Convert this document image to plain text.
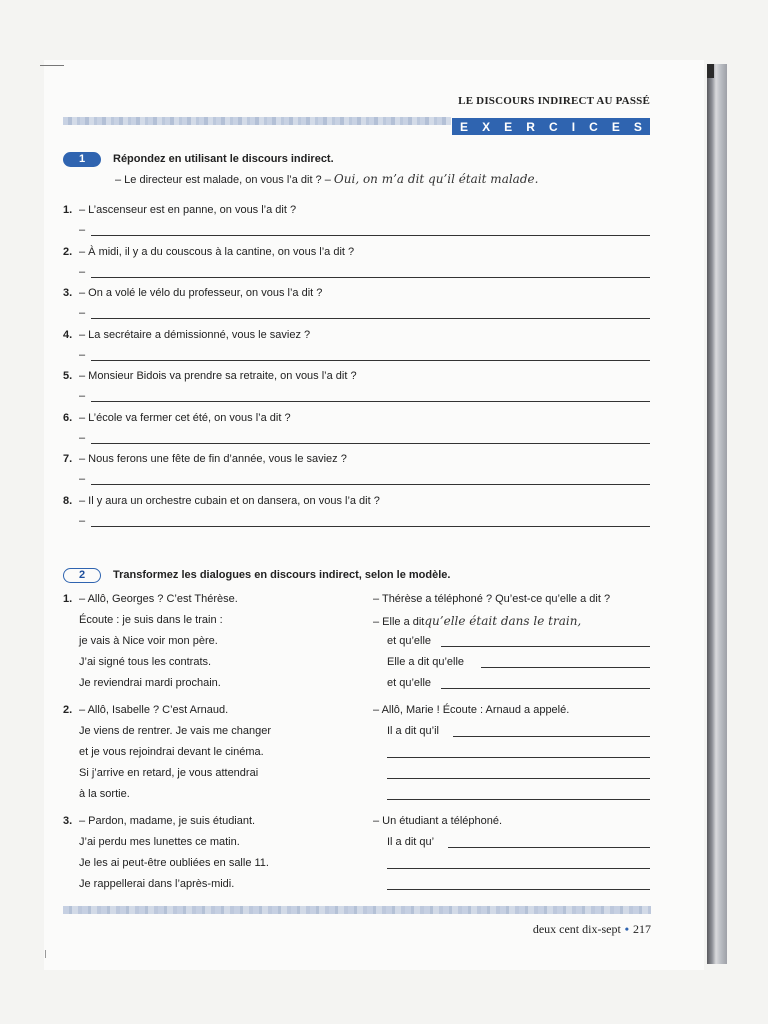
LE DISCOURS INDIRECT AU PASSÉ
E X E R C I C E S
1	Répondez en utilisant le discours indirect.
– Le directeur est malade, on vous l’a dit ? – Oui, on m’a dit qu’il était malade.
1. – L’ascenseur est en panne, on vous l’a dit ?
–
2. – À midi, il y a du couscous à la cantine, on vous l’a dit ?
–
3. – On a volé le vélo du professeur, on vous l’a dit ?
–
4. – La secrétaire a démissionné, vous le saviez ?
–
5. – Monsieur Bidois va prendre sa retraite, on vous l’a dit ?
–
6. – L’école va fermer cet été, on vous l’a dit ?
–
7. – Nous ferons une fête de fin d’année, vous le saviez ?
–
8. – Il y aura un orchestre cubain et on dansera, on vous l’a dit ?
–
2	Transformez les dialogues en discours indirect, selon le modèle.
1. – Allô, Georges ? C’est Thérèse.
Écoute : je suis dans le train :
je vais à Nice voir mon père.
J’ai signé tous les contrats.
Je reviendrai mardi prochain.
– Thérèse a téléphoné ? Qu’est-ce qu’elle a dit ?
– Elle a ditqu’elle était dans le train,
et qu’elle
Elle a dit qu’elle
et qu’elle
2. – Allô, Isabelle ? C’est Arnaud.
Je viens de rentrer. Je vais me changer
et je vous rejoindrai devant le cinéma.
Si j’arrive en retard, je vous attendrai
à la sortie.
– Allô, Marie ! Écoute : Arnaud a appelé.
Il a dit qu’il
3. – Pardon, madame, je suis étudiant.
J’ai perdu mes lunettes ce matin.
Je les ai peut-être oubliées en salle 11.
Je rappellerai dans l’après-midi.
– Un étudiant a téléphoné.
Il a dit qu’
deux cent dix-sept • 217
